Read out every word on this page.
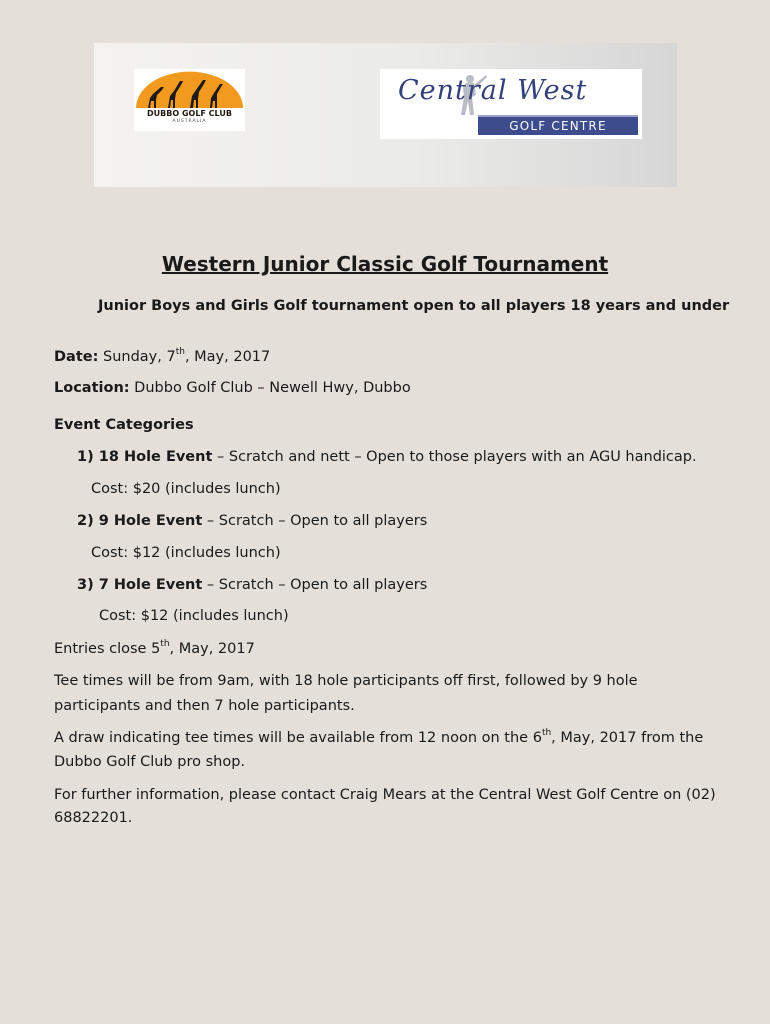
DUBBO GOLF CLUB
AUSTRALIA
Central West
GOLF CENTRE
Western Junior Classic Golf Tournament

Junior Boys and Girls Golf tournament open to all players 18 years and under

Date: Sunday, 7th, May, 2017

Location: Dubbo Golf Club – Newell Hwy, Dubbo

Event Categories

1) 18 Hole Event – Scratch and nett – Open to those players with an AGU handicap.

Cost: $20 (includes lunch)

2) 9 Hole Event – Scratch – Open to all players

Cost: $12 (includes lunch)

3) 7 Hole Event – Scratch – Open to all players

Cost: $12 (includes lunch)

Entries close 5th, May, 2017

Tee times will be from 9am, with 18 hole participants off first, followed by 9 hole

participants and then 7 hole participants.

A draw indicating tee times will be available from 12 noon on the 6th, May, 2017 from the

Dubbo Golf Club pro shop.

For further information, please contact Craig Mears at the Central West Golf Centre on (02)

68822201.
